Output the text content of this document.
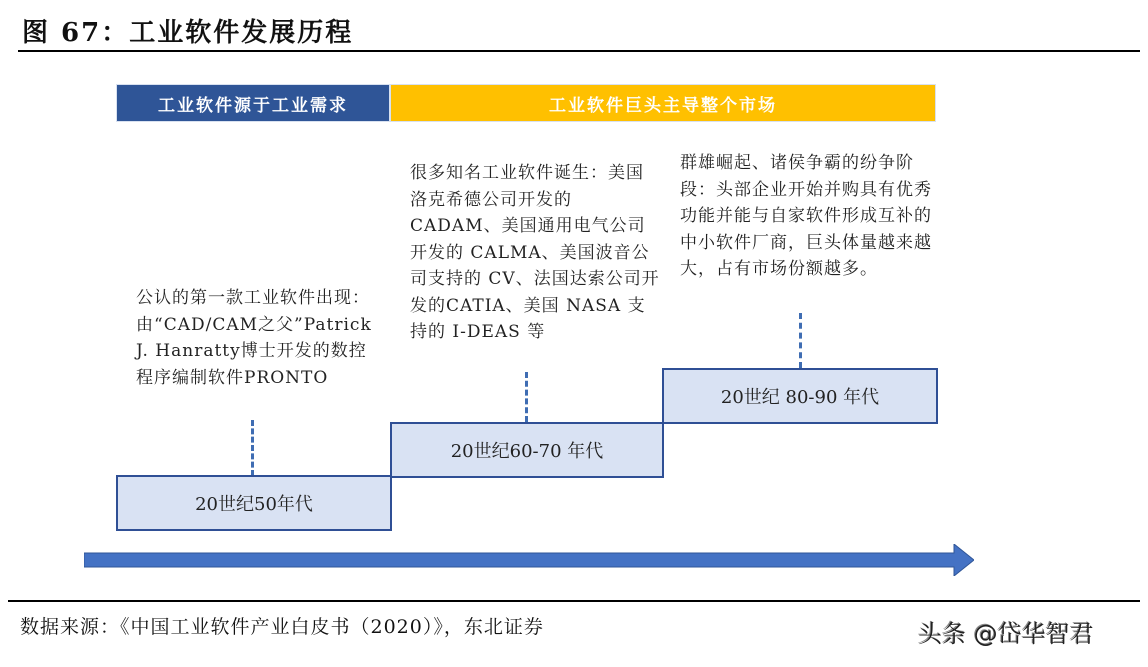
图 67：工业软件发展历程
工业软件源于工业需求	工业软件巨头主导整个市场
公认的第一款工业软件出现：由“CAD/CAM之父”Patrick J. Hanratty博士开发的数控程序编制软件PRONTO
很多知名工业软件诞生：美国洛克希德公司开发的CADAM、美国通用电气公司开发的 CALMA、美国波音公司支持的 CV、法国达索公司开发的CATIA、美国 NASA 支持的 I-DEAS 等
群雄崛起、诸侯争霸的纷争阶段：头部企业开始并购具有优秀功能并能与自家软件形成互补的中小软件厂商，巨头体量越来越大，占有市场份额越多。
20世纪50年代
20世纪60-70 年代
20世纪 80-90 年代
数据来源：《中国工业软件产业白皮书（2020）》，东北证券	头条 @岱华智君
